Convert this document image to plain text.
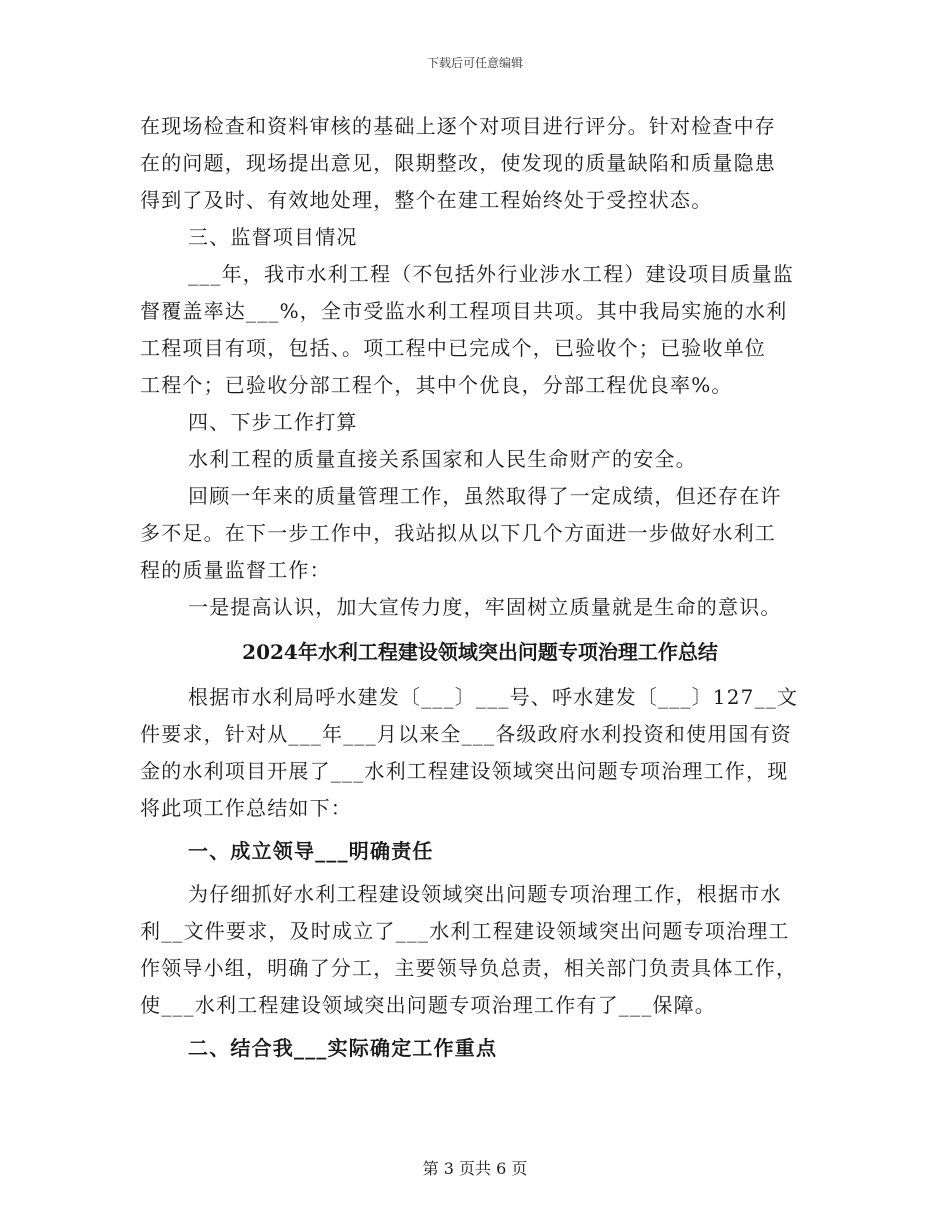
下载后可任意编辑
在现场检查和资料审核的基础上逐个对项目进行评分。针对检查中存
在的问题，现场提出意见，限期整改，使发现的质量缺陷和质量隐患
得到了及时、有效地处理，整个在建工程始终处于受控状态。
三、监督项目情况
___年，我市水利工程（不包括外行业涉水工程）建设项目质量监
督覆盖率达___%，全市受监水利工程项目共项。其中我局实施的水利
工程项目有项，包括、。项工程中已完成个，已验收个；已验收单位
工程个；已验收分部工程个，其中个优良，分部工程优良率%。
四、下步工作打算
水利工程的质量直接关系国家和人民生命财产的安全。
回顾一年来的质量管理工作，虽然取得了一定成绩，但还存在许
多不足。在下一步工作中，我站拟从以下几个方面进一步做好水利工
程的质量监督工作：
一是提高认识，加大宣传力度，牢固树立质量就是生命的意识。
2024年水利工程建设领域突出问题专项治理工作总结
根据市水利局呼水建发〔___〕___号、呼水建发〔___〕127__文
件要求，针对从___年___月以来全___各级政府水利投资和使用国有资
金的水利项目开展了___水利工程建设领域突出问题专项治理工作，现
将此项工作总结如下：
一、成立领导___明确责任
为仔细抓好水利工程建设领域突出问题专项治理工作，根据市水
利__文件要求，及时成立了___水利工程建设领域突出问题专项治理工
作领导小组，明确了分工，主要领导负总责，相关部门负责具体工作，
使___水利工程建设领域突出问题专项治理工作有了___保障。
二、结合我___实际确定工作重点
第 3 页共 6 页
